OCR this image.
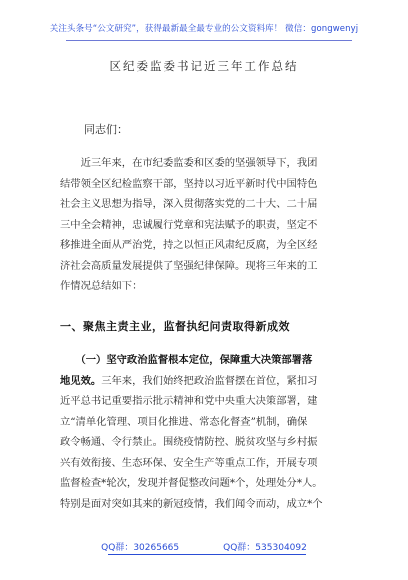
关注头条号“公文研究”，获得最新最全最专业的公文资料库！ 微信：gongwenyj
区纪委监委书记近三年工作总结
同志们：
　　近三年来，在市纪委监委和区委的坚强领导下，我团
结带领全区纪检监察干部，坚持以习近平新时代中国特色
社会主义思想为指导，深入贯彻落实党的二十大、二十届
三中全会精神，忠诚履行党章和宪法赋予的职责，坚定不
移推进全面从严治党，持之以恒正风肃纪反腐，为全区经
济社会高质量发展提供了坚强纪律保障。现将三年来的工
作情况总结如下：
一、聚焦主责主业，监督执纪问责取得新成效
　　（一）坚守政治监督根本定位，保障重大决策部署落
地见效。三年来，我们始终把政治监督摆在首位，紧扣习
近平总书记重要指示批示精神和党中央重大决策部署，建
立“清单化管理、项目化推进、常态化督查”机制，确保
政令畅通、令行禁止。围绕疫情防控、脱贫攻坚与乡村振
兴有效衔接、生态环保、安全生产等重点工作，开展专项
监督检查*轮次，发现并督促整改问题*个，处理处分*人。
特别是面对突如其来的新冠疫情，我们闻令而动，成立*个
QQ群：30265665	QQ群：535304092
